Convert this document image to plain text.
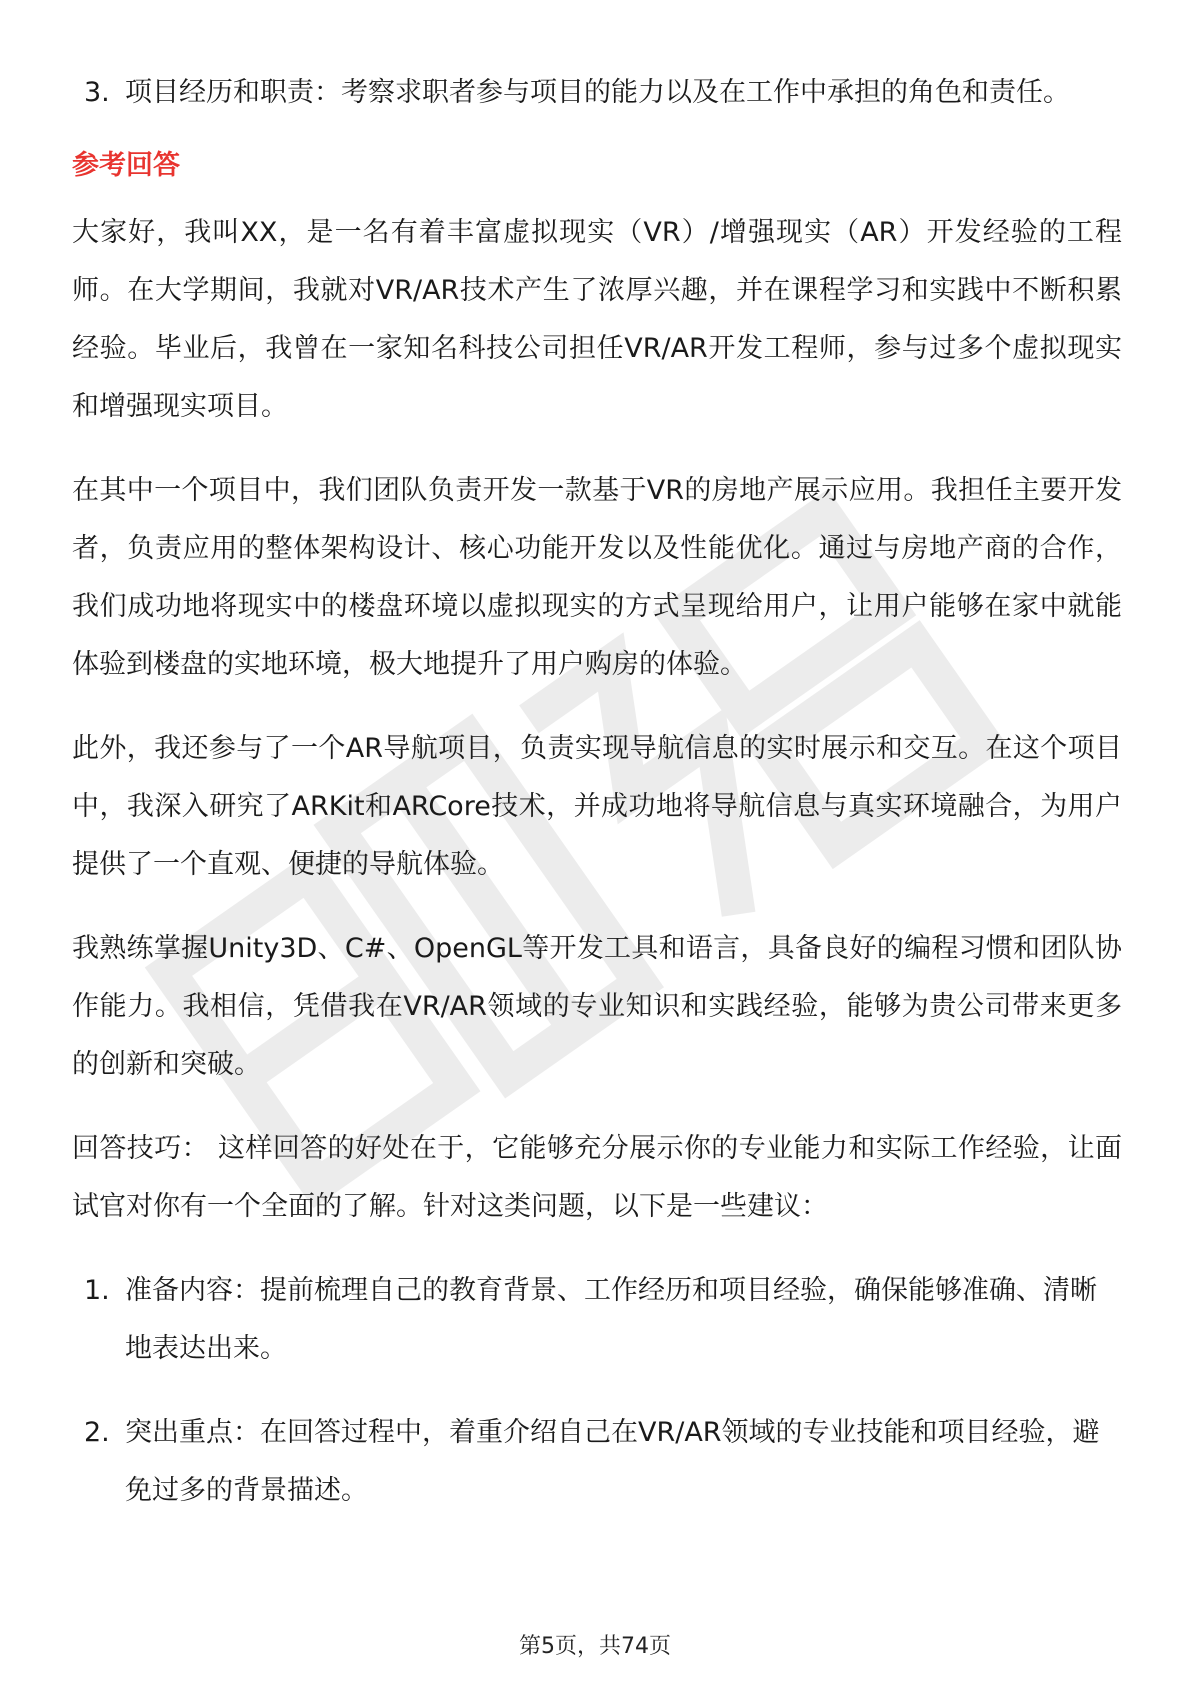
3. 项目经历和职责：考察求职者参与项目的能力以及在工作中承担的角色和责任。

参考回答

大家好，我叫XX，是一名有着丰富虚拟现实（VR）/增强现实（AR）开发经验的工程师。在大学期间，我就对VR/AR技术产生了浓厚兴趣，并在课程学习和实践中不断积累经验。毕业后，我曾在一家知名科技公司担任VR/AR开发工程师，参与过多个虚拟现实和增强现实项目。

在其中一个项目中，我们团队负责开发一款基于VR的房地产展示应用。我担任主要开发者，负责应用的整体架构设计、核心功能开发以及性能优化。通过与房地产商的合作，我们成功地将现实中的楼盘环境以虚拟现实的方式呈现给用户，让用户能够在家中就能体验到楼盘的实地环境，极大地提升了用户购房的体验。

此外，我还参与了一个AR导航项目，负责实现导航信息的实时展示和交互。在这个项目中，我深入研究了ARKit和ARCore技术，并成功地将导航信息与真实环境融合，为用户提供了一个直观、便捷的导航体验。

我熟练掌握Unity3D、C#、OpenGL等开发工具和语言，具备良好的编程习惯和团队协作能力。我相信，凭借我在VR/AR领域的专业知识和实践经验，能够为贵公司带来更多的创新和突破。

回答技巧： 这样回答的好处在于，它能够充分展示你的专业能力和实际工作经验，让面试官对你有一个全面的了解。针对这类问题，以下是一些建议：

1. 准备内容：提前梳理自己的教育背景、工作经历和项目经验，确保能够准确、清晰地表达出来。

2. 突出重点：在回答过程中，着重介绍自己在VR/AR领域的专业技能和项目经验，避免过多的背景描述。

第5页，共74页
